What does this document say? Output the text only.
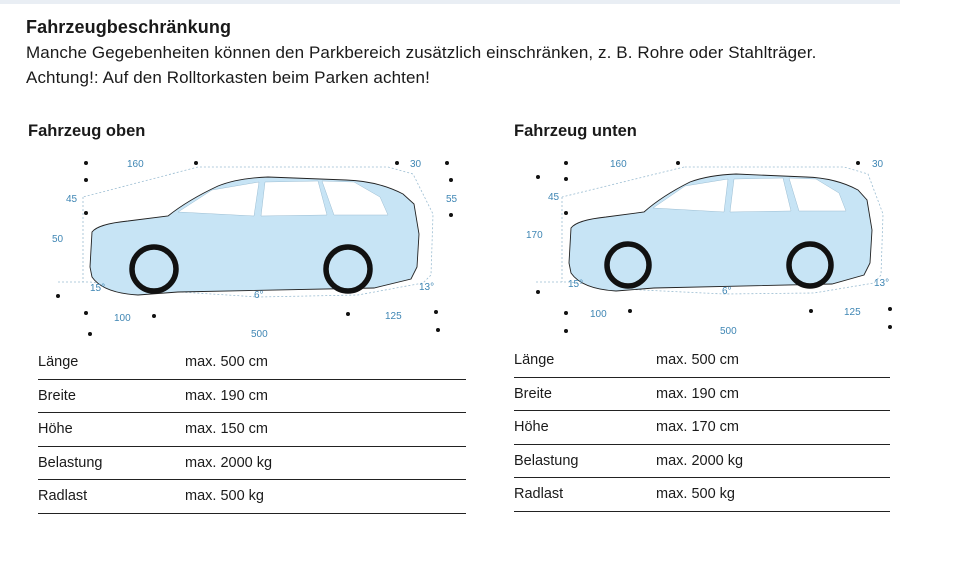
Fahrzeugbeschränkung
Manche Gegebenheiten können den Parkbereich zusätzlich einschränken, z. B. Rohre oder Stahlträger.
Achtung!: Auf den Rolltorkasten beim Parken achten!
Fahrzeug oben
160	30
45	55
50
15°
6°
13°
100	125
500
Länge	max. 500 cm
Breite	max. 190 cm
Höhe	max. 150 cm
Belastung	max. 2000 kg
Radlast	max. 500 kg
Fahrzeug unten
160	30
45
170
15°
6°
13°
100	125
500
Länge	max. 500 cm
Breite	max. 190 cm
Höhe	max. 170 cm
Belastung	max. 2000 kg
Radlast	max. 500 kg
